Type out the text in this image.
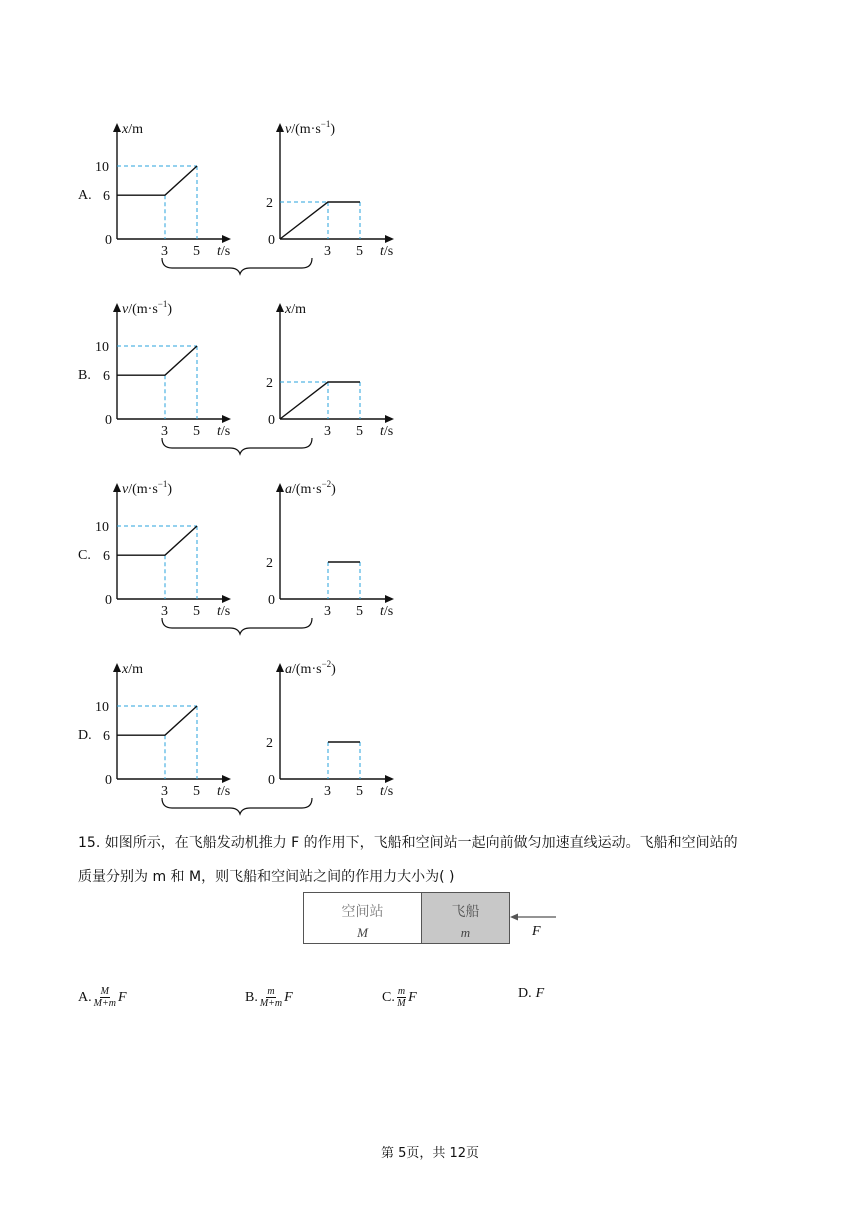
A.
0
x/m
t/s
3 5
10
6
0
$v/(m\cdot s^{-1})$
t/s
3 5
2
B.
0
$v/(m\cdot s^{-1})$
t/s
3 5
10
6
0
x/m
t/s
3 5
2
C.
0
$v/(m\cdot s^{-1})$
t/s
3 5
10
6
0
$a/(m\cdot s^{-2})$
t/s
3 5
2
D.
0
x/m
t/s
3 5
10
6
0
$a/(m\cdot s^{-2})$
t/s
3 5
2
15. 如图所示，在飞船发动机推力 F 的作用下，飞船和空间站一起向前做匀加速直线运动。飞船和空间站的
质量分别为 m 和 M，则飞船和空间站之间的作用力大小为( )
空间站
M
飞船
m	F
A. $\frac{M}{M+m}$ F	B. $\frac{m}{M+m}$ F	C. $\frac{m}{M}$ F	D. F
第 5页，共 12页
